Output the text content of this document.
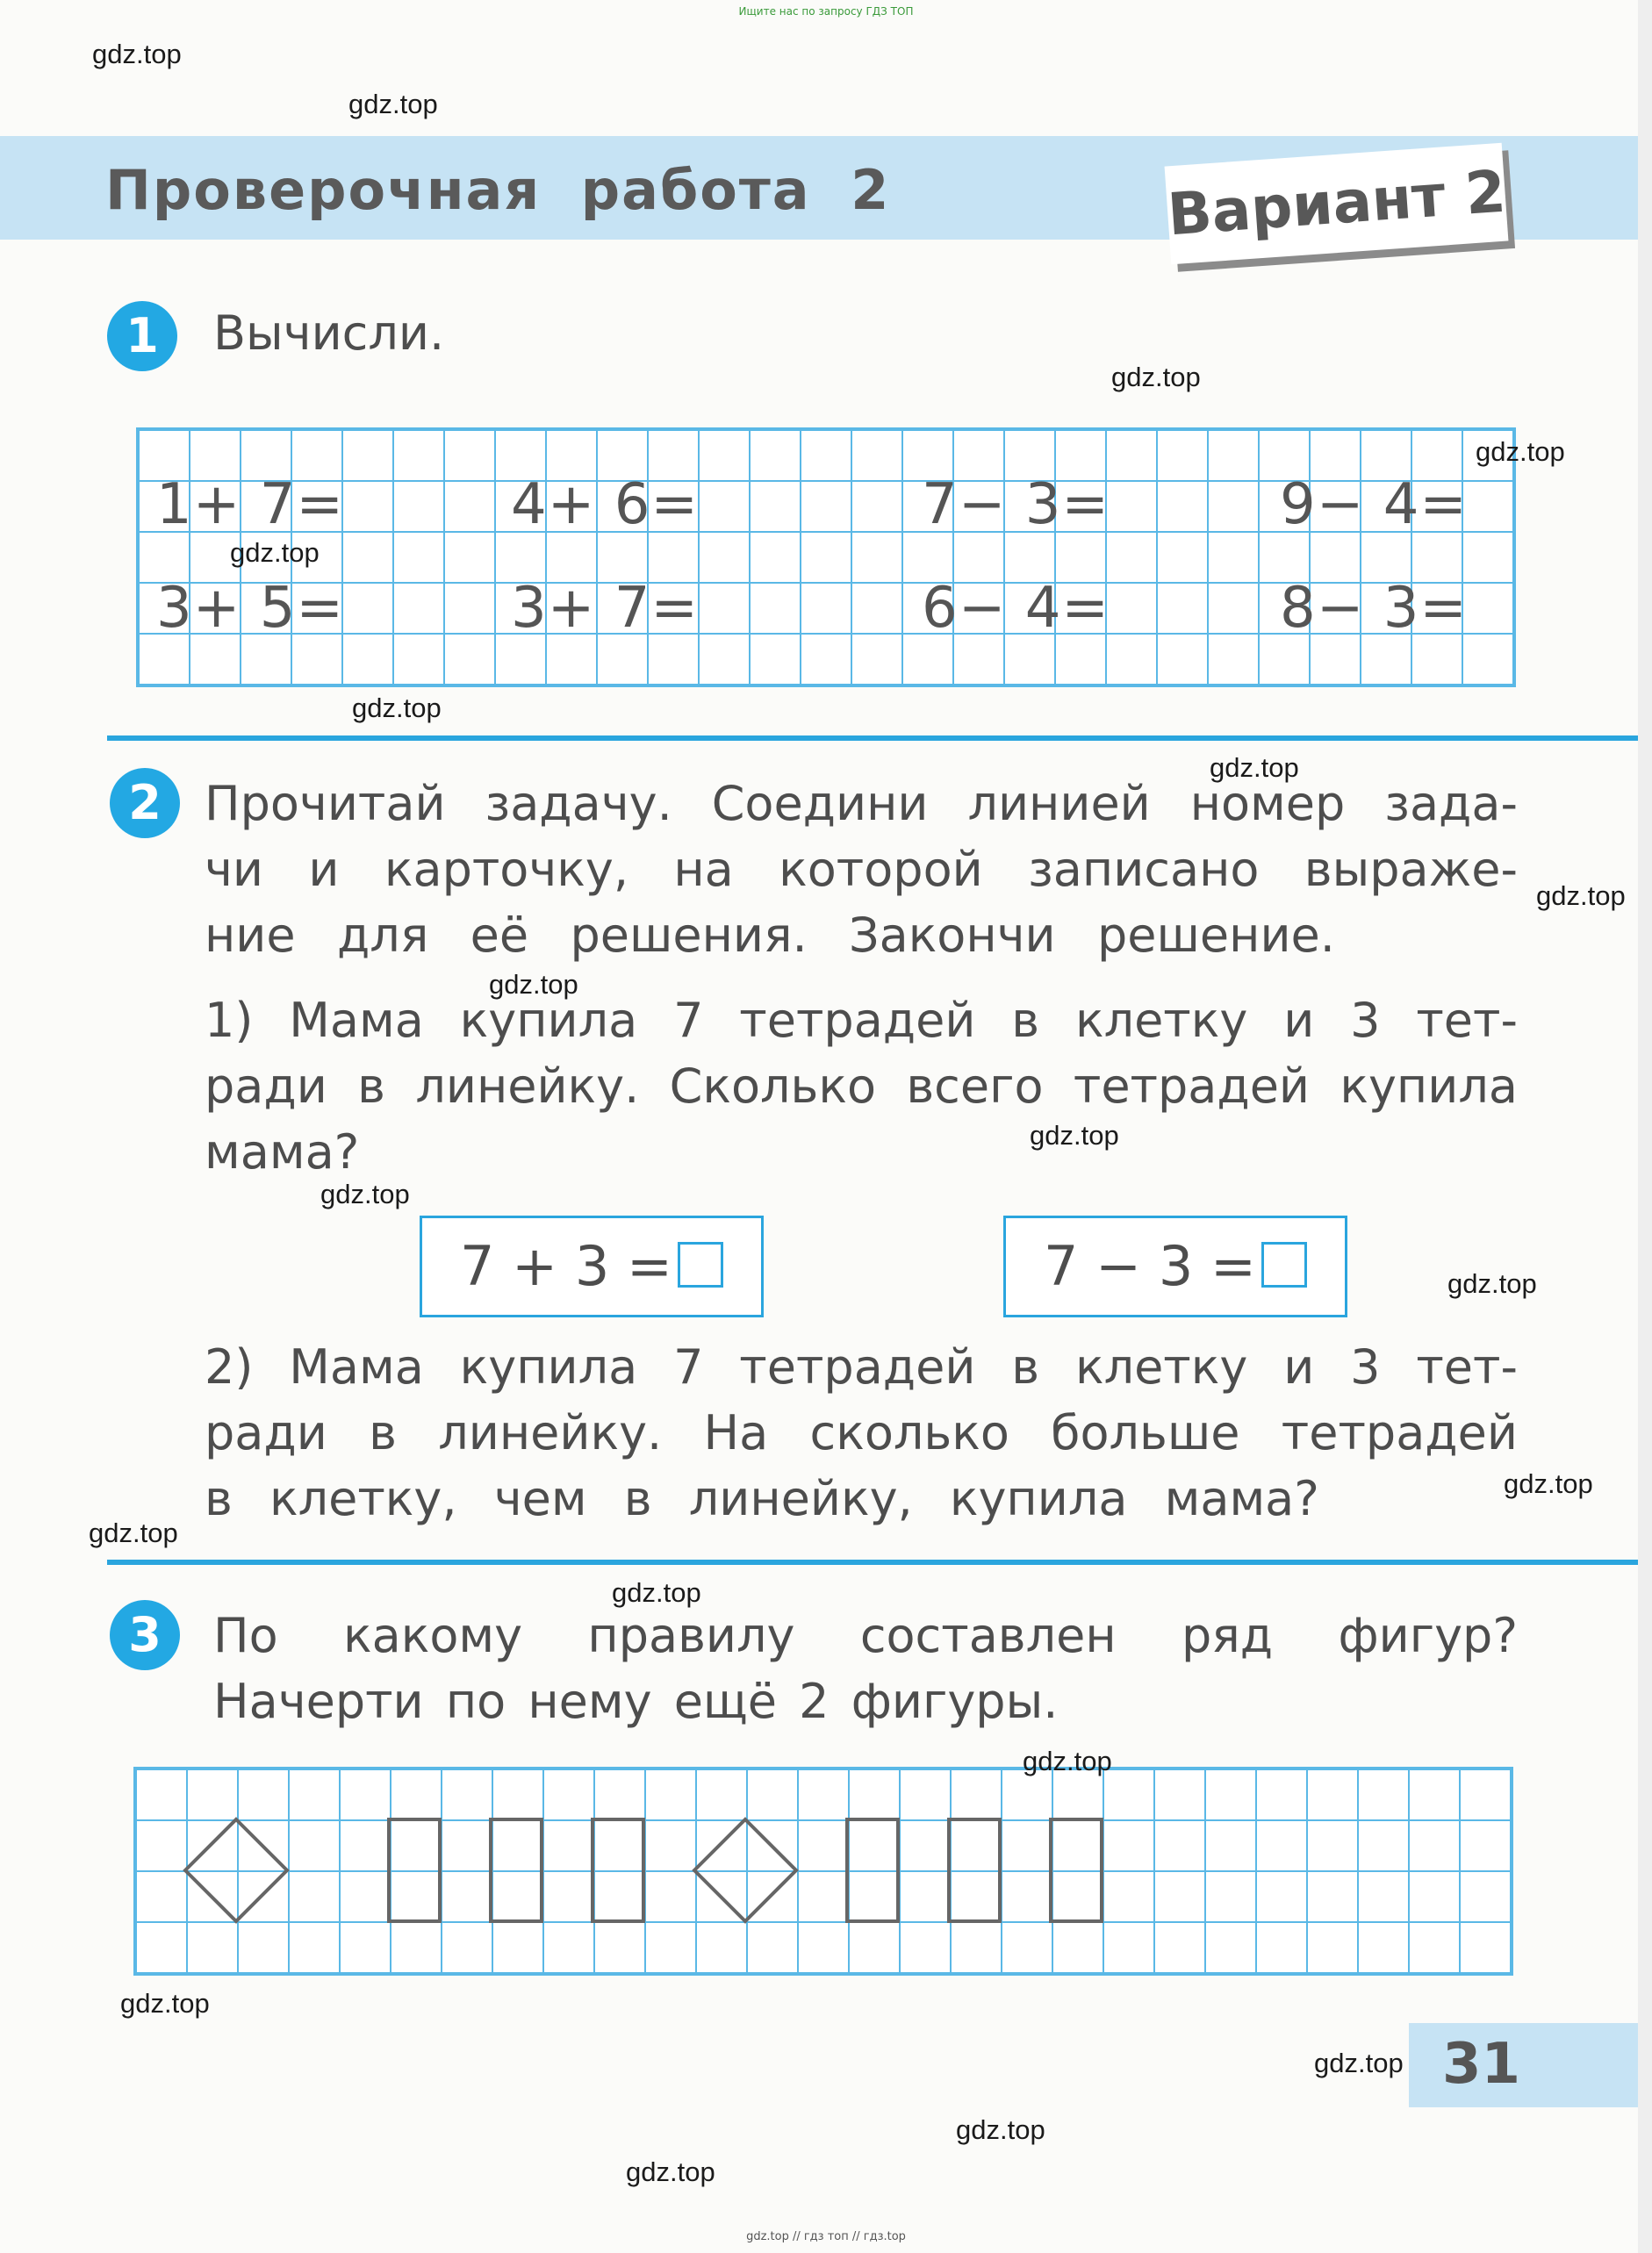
Ищите нас по запросу ГДЗ ТОП
Проверочная работа 2	Вариант 2
1	Вычисли.
1+ 7=	4+ 6=	7− 3=	9− 4=
3+ 5=	3+ 7=	6− 4=	8− 3=
2 Прочитай задачу. Соедини линией номер зада-
чи и карточку, на которой записано выраже-
ние для её решения. Закончи решение.
1) Мама купила 7 тетрадей в клетку и 3 тет-
ради в линейку. Сколько всего тетрадей купила
мама?
7 + 3 =	7 − 3 =
2) Мама купила 7 тетрадей в клетку и 3 тет-
ради в линейку. На сколько больше тетрадей
в клетку, чем в линейку, купила мама?
3	По какому правилу составлен ряд фигур?
Начерти по нему ещё 2 фигуры.
31
gdz.top
gdz.top
gdz.top
gdz.top
gdz.top
gdz.top
gdz.top
gdz.top
gdz.top
gdz.top
gdz.top
gdz.top
gdz.top
gdz.top
gdz.top
gdz.top
gdz.top
gdz.top
gdz.top
gdz.top
gdz.top // гдз топ // гдз.top
